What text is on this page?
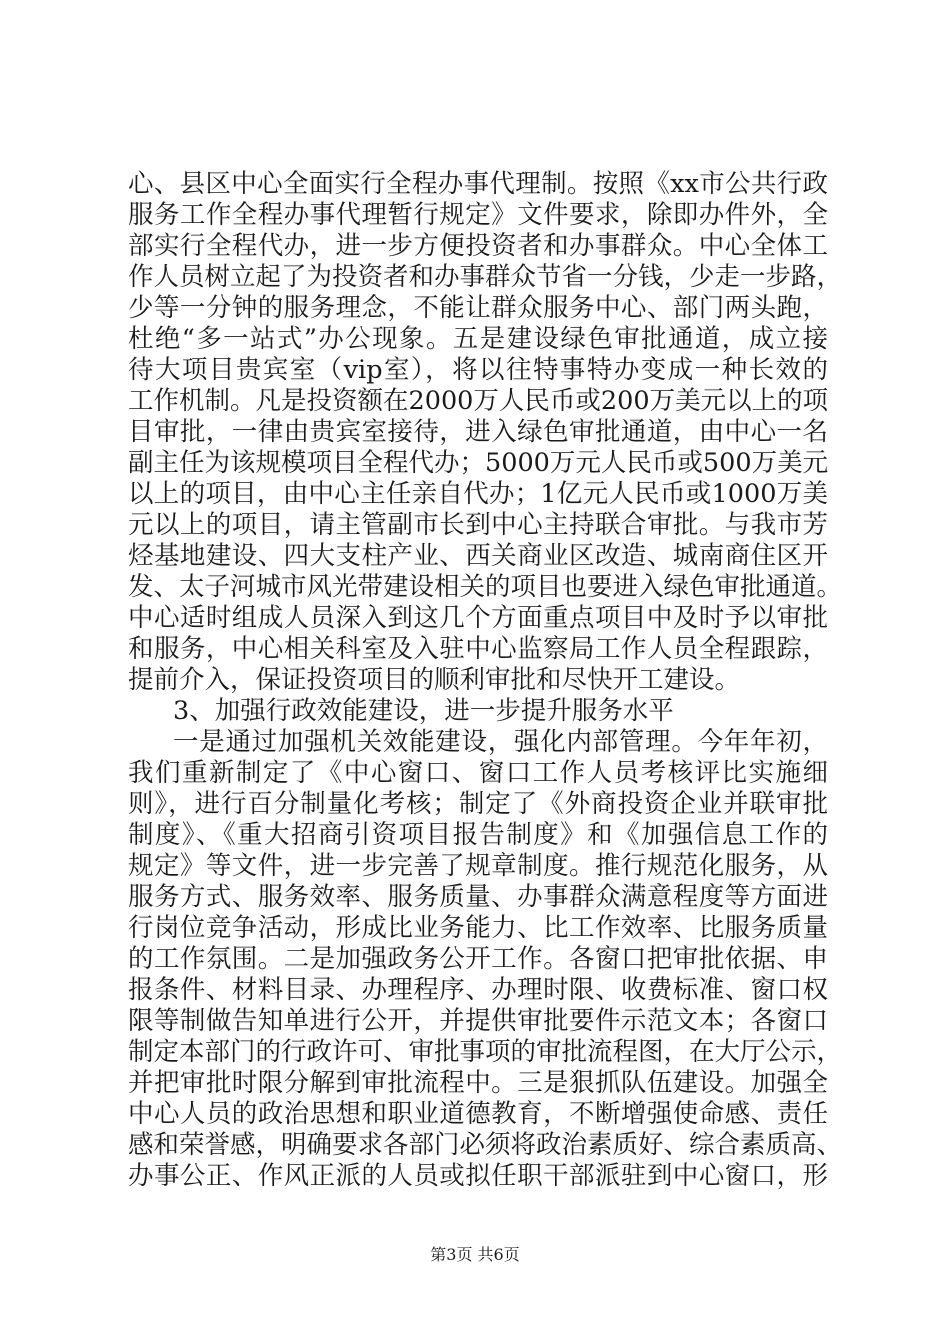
心、县区中心全面实行全程办事代理制。按照《xx市公共行政
服务工作全程办事代理暂行规定》文件要求，除即办件外，全
部实行全程代办，进一步方便投资者和办事群众。中心全体工
作人员树立起了为投资者和办事群众节省一分钱，少走一步路，
少等一分钟的服务理念，不能让群众服务中心、部门两头跑，
杜绝“多一站式”办公现象。五是建设绿色审批通道，成立接
待大项目贵宾室（vip室），将以往特事特办变成一种长效的
工作机制。凡是投资额在2000万人民币或200万美元以上的项
目审批，一律由贵宾室接待，进入绿色审批通道，由中心一名
副主任为该规模项目全程代办；5000万元人民币或500万美元
以上的项目，由中心主任亲自代办；1亿元人民币或1000万美
元以上的项目，请主管副市长到中心主持联合审批。与我市芳
烃基地建设、四大支柱产业、西关商业区改造、城南商住区开
发、太子河城市风光带建设相关的项目也要进入绿色审批通道。
中心适时组成人员深入到这几个方面重点项目中及时予以审批
和服务，中心相关科室及入驻中心监察局工作人员全程跟踪，
提前介入，保证投资项目的顺利审批和尽快开工建设。
3、加强行政效能建设，进一步提升服务水平
一是通过加强机关效能建设，强化内部管理。今年年初，
我们重新制定了《中心窗口、窗口工作人员考核评比实施细
则》，进行百分制量化考核；制定了《外商投资企业并联审批
制度》、《重大招商引资项目报告制度》和《加强信息工作的
规定》等文件，进一步完善了规章制度。推行规范化服务，从
服务方式、服务效率、服务质量、办事群众满意程度等方面进
行岗位竞争活动，形成比业务能力、比工作效率、比服务质量
的工作氛围。二是加强政务公开工作。各窗口把审批依据、申
报条件、材料目录、办理程序、办理时限、收费标准、窗口权
限等制做告知单进行公开，并提供审批要件示范文本；各窗口
制定本部门的行政许可、审批事项的审批流程图，在大厅公示，
并把审批时限分解到审批流程中。三是狠抓队伍建设。加强全
中心人员的政治思想和职业道德教育，不断增强使命感、责任
感和荣誉感，明确要求各部门必须将政治素质好、综合素质高、
办事公正、作风正派的人员或拟任职干部派驻到中心窗口，形
第3页 共6页
